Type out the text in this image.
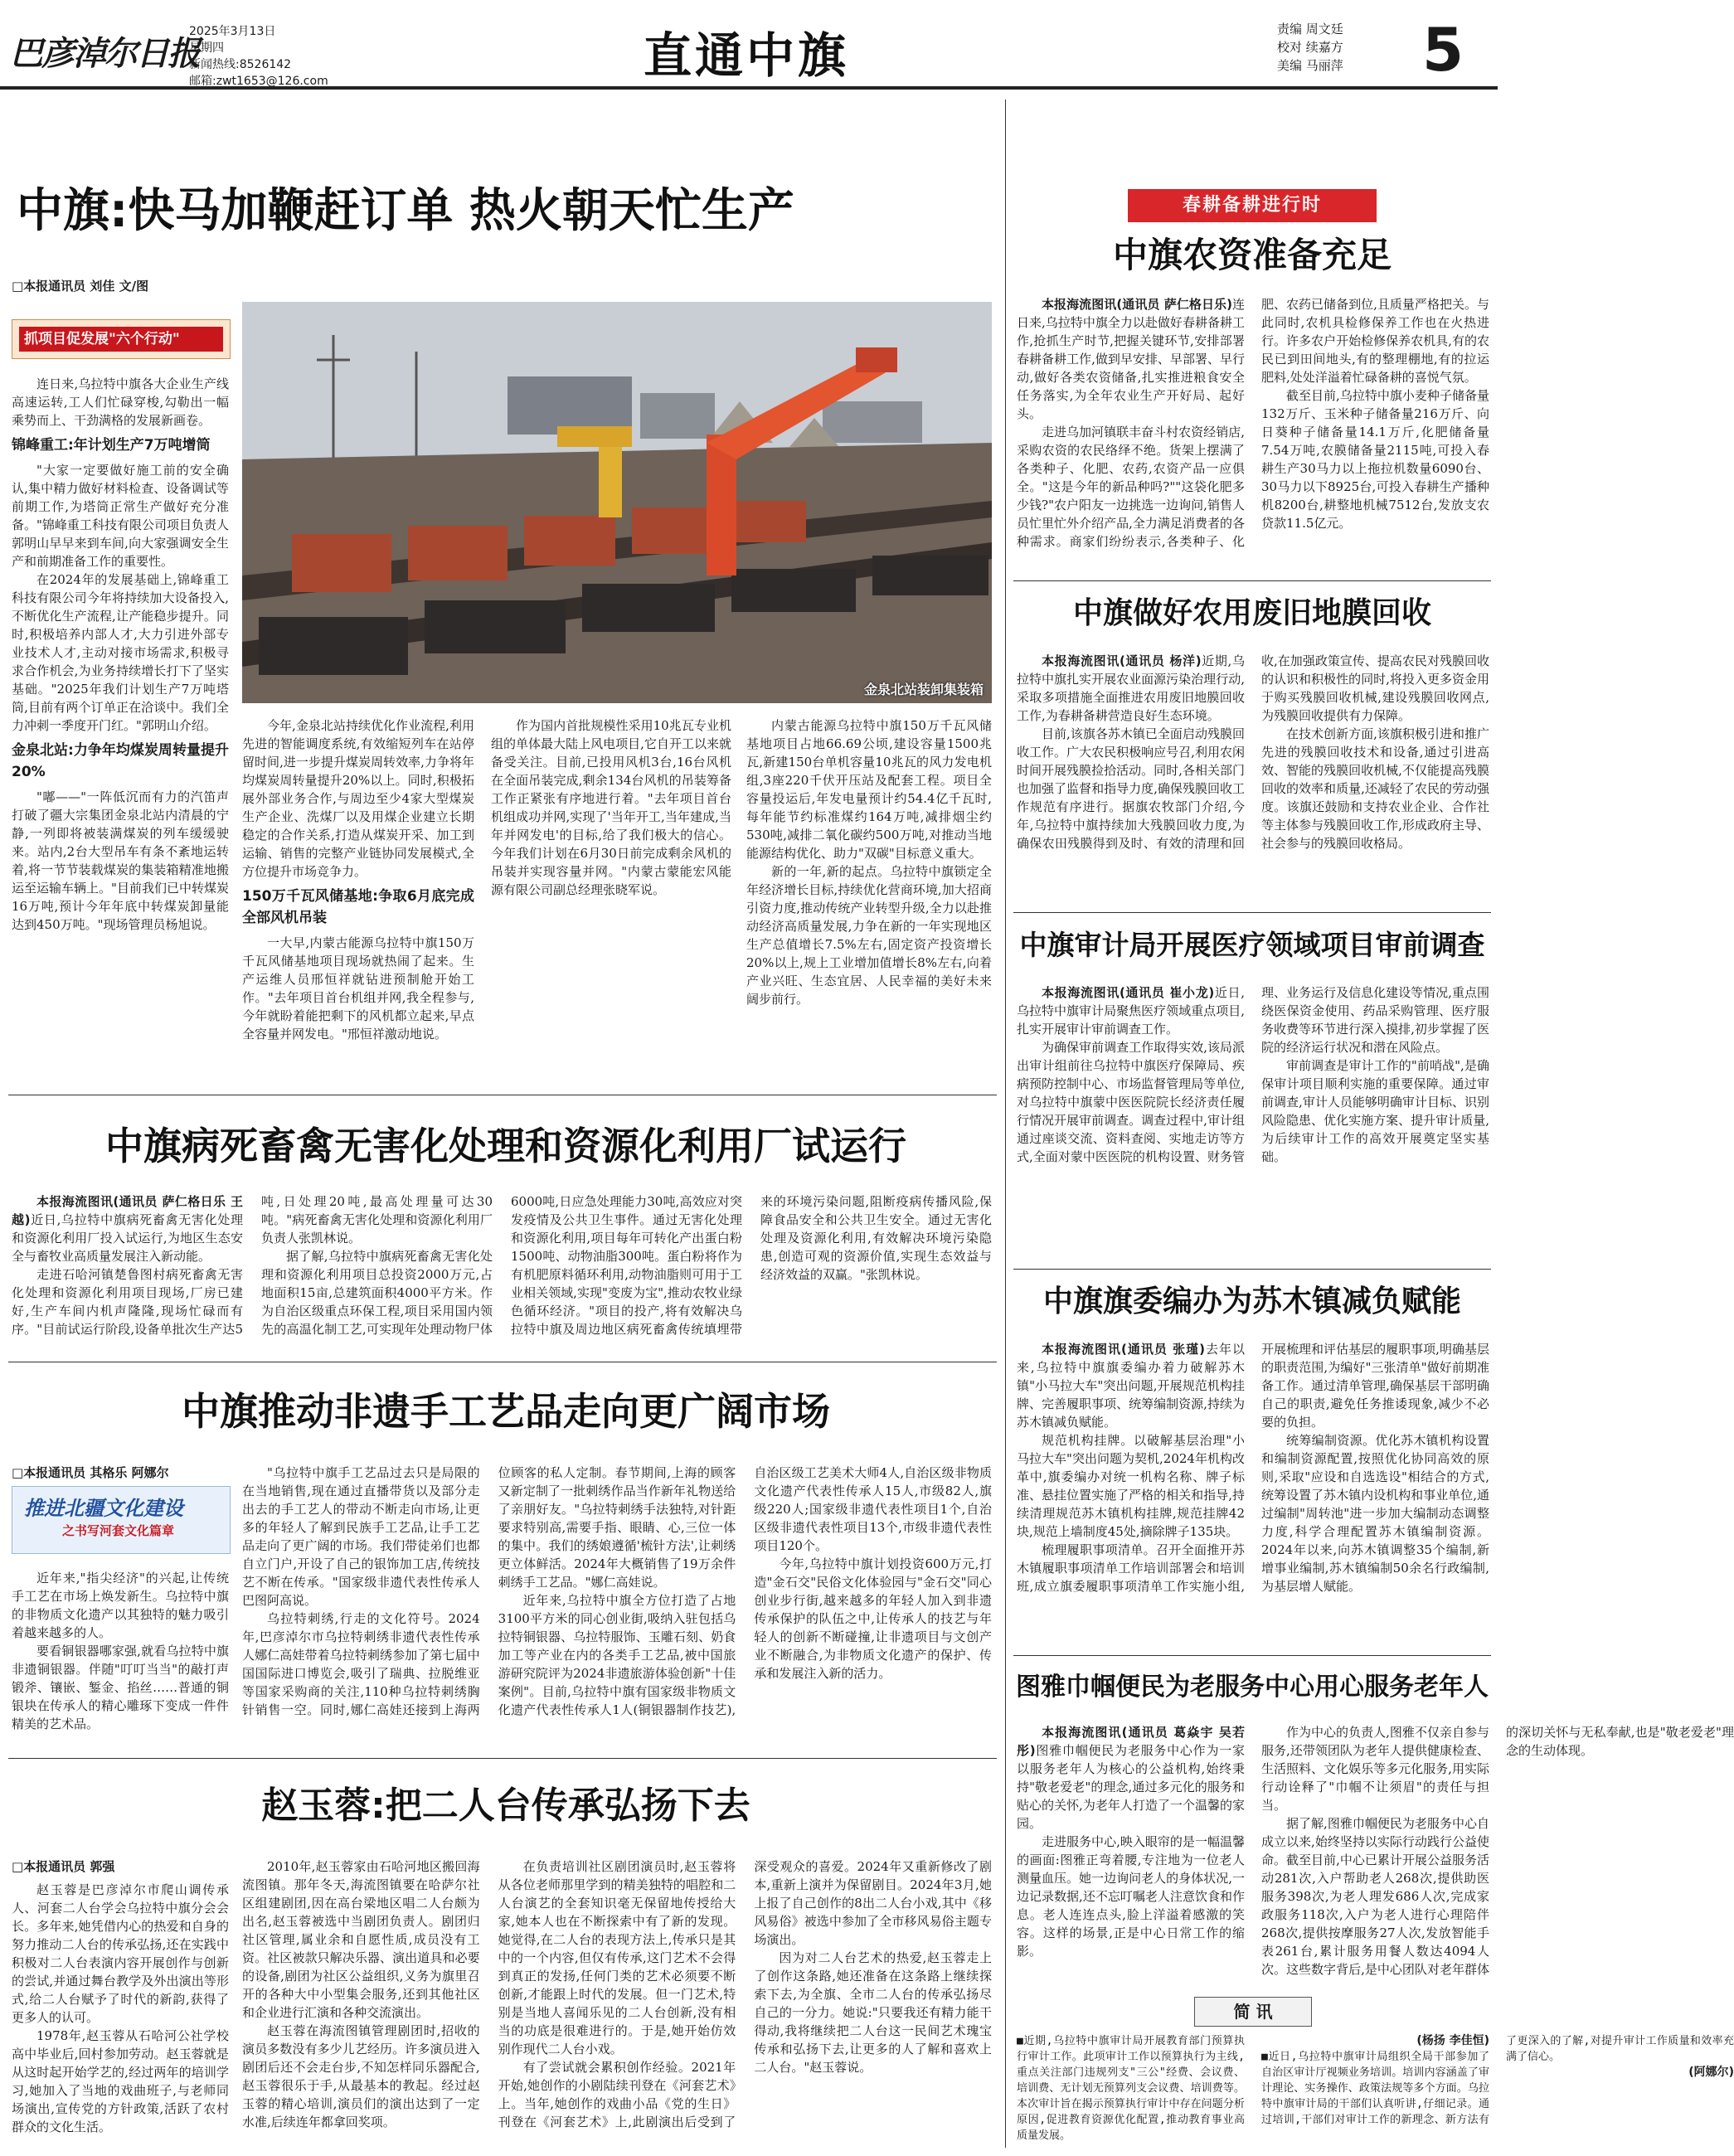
巴彦淖尔日报
2025年3月13日
星期四
新闻热线:8526142
邮箱:zwt1653@126.com	直通中旗	责编 周文廷
校对 续嘉方
美编 马丽萍 5
中旗:快马加鞭赶订单 热火朝天忙生产
□本报通讯员 刘佳 文/图
抓项目促发展"六个行动"

连日来,乌拉特中旗各大企业生产线高速运转,工人们忙碌穿梭,勾勒出一幅乘势而上、干劲满格的发展新画卷。

锦峰重工:年计划生产7万吨增筒

"大家一定要做好施工前的安全确认,集中精力做好材料检查、设备调试等前期工作,为塔筒正常生产做好充分准备。"锦峰重工科技有限公司项目负责人郭明山早早来到车间,向大家强调安全生产和前期准备工作的重要性。

在2024年的发展基础上,锦峰重工科技有限公司今年将持续加大设备投入,不断优化生产流程,让产能稳步提升。同时,积极培养内部人才,大力引进外部专业技术人才,主动对接市场需求,积极寻求合作机会,为业务持续增长打下了坚实基础。"2025年我们计划生产7万吨塔筒,目前有两个订单正在洽谈中。我们全力冲刺一季度开门红。"郭明山介绍。

金泉北站:力争年均煤炭周转量提升20%

"嘟——"一阵低沉而有力的汽笛声打破了疆大宗集团金泉北站内清晨的宁静,一列即将被装满煤炭的列车缓缓驶来。站内,2台大型吊车有条不紊地运转着,将一节节装载煤炭的集装箱精准地搬运至运输车辆上。"目前我们已中转煤炭16万吨,预计今年年底中转煤炭卸量能达到450万吨。"现场管理员杨旭说。

金泉北站装卸集装箱

今年,金泉北站持续优化作业流程,利用先进的智能调度系统,有效缩短列车在站停留时间,进一步提升煤炭周转效率,力争将年均煤炭周转量提升20%以上。同时,积极拓展外部业务合作,与周边至少4家大型煤炭生产企业、洗煤厂以及用煤企业建立长期稳定的合作关系,打造从煤炭开采、加工到运输、销售的完整产业链协同发展模式,全方位提升市场竞争力。

150万千瓦风储基地:争取6月底完成全部风机吊装

一大早,内蒙古能源乌拉特中旗150万千瓦风储基地项目现场就热闹了起来。生产运维人员邢恒祥就钻进预制舱开始工作。"去年项目首台机组并网,我全程参与,今年就盼着能把剩下的风机都立起来,早点全容量并网发电。"邢恒祥激动地说。

作为国内首批规模性采用10兆瓦专业机组的单体最大陆上风电项目,它自开工以来就备受关注。目前,已投用风机3台,16台风机在全面吊装完成,剩余134台风机的吊装筹备工作正紧张有序地进行着。"去年项目首台机组成功并网,实现了'当年开工,当年建成,当年并网发电'的目标,给了我们极大的信心。今年我们计划在6月30日前完成剩余风机的吊装并实现容量并网。"内蒙古蒙能宏风能源有限公司副总经理张晓军说。

内蒙古能源乌拉特中旗150万千瓦风储基地项目占地66.69公顷,建设容量1500兆瓦,新建150台单机容量10兆瓦的风力发电机组,3座220千伏开压站及配套工程。项目全容量投运后,年发电量预计约54.4亿千瓦时,每年能节约标准煤约164万吨,减排烟尘约530吨,减排二氧化碳约500万吨,对推动当地能源结构优化、助力"双碳"目标意义重大。

新的一年,新的起点。乌拉特中旗锁定全年经济增长目标,持续优化营商环境,加大招商引资力度,推动传统产业转型升级,全力以赴推动经济高质量发展,力争在新的一年实现地区生产总值增长7.5%左右,固定资产投资增长20%以上,规上工业增加值增长8%左右,向着产业兴旺、生态宜居、人民幸福的美好未来阔步前行。

中旗病死畜禽无害化处理和资源化利用厂试运行

本报海流图讯(通讯员 萨仁格日乐 王越)近日,乌拉特中旗病死畜禽无害化处理和资源化利用厂投入试运行,为地区生态安全与畜牧业高质量发展注入新动能。

走进石哈河镇楚鲁图村病死畜禽无害化处理和资源化利用项目现场,厂房已建好,生产车间内机声隆隆,现场忙碌而有序。"目前试运行阶段,设备单批次生产达5吨,日处理20吨,最高处理量可达30吨。"病死畜禽无害化处理和资源化利用厂负责人张凯林说。

据了解,乌拉特中旗病死畜禽无害化处理和资源化利用项目总投资2000万元,占地面积15亩,总建筑面积4000平方米。作为自治区级重点环保工程,项目采用国内领先的高温化制工艺,可实现年处理动物尸体6000吨,日应急处理能力30吨,高效应对突发疫情及公共卫生事件。通过无害化处理和资源化利用,项目每年可转化产出蛋白粉1500吨、动物油脂300吨。蛋白粉将作为有机肥原料循环利用,动物油脂则可用于工业相关领域,实现"变废为宝",推动农牧业绿色循环经济。"项目的投产,将有效解决乌拉特中旗及周边地区病死畜禽传统填埋带来的环境污染问题,阻断疫病传播风险,保障食品安全和公共卫生安全。通过无害化处理及资源化利用,有效解决环境污染隐患,创造可观的资源价值,实现生态效益与经济效益的双赢。"张凯林说。

中旗推动非遗手工艺品走向更广阔市场
□本报通讯员 其格乐 阿娜尔
推进北疆文化建设
之书写河套文化篇章

近年来,"指尖经济"的兴起,让传统手工艺在市场上焕发新生。乌拉特中旗的非物质文化遗产以其独特的魅力吸引着越来越多的人。

要看铜银器哪家强,就看乌拉特中旗非遗铜银器。伴随"叮叮当当"的敲打声锻斧、镶嵌、錾金、掐丝……普通的铜银块在传承人的精心雕琢下变成一件件精美的艺术品。

"乌拉特中旗手工艺品过去只是局限的在当地销售,现在通过直播带货以及部分走出去的手工艺人的带动不断走向市场,让更多的年轻人了解到民族手工艺品,让手工艺品走向了更广阔的市场。我们带徒弟们也都自立门户,开设了自己的银饰加工店,传统技艺不断在传承。"国家级非遗代表性传承人巴图阿高说。

乌拉特刺绣,行走的文化符号。2024年,巴彦淖尔市乌拉特刺绣非遗代表性传承人娜仁高娃带着乌拉特刺绣参加了第七届中国国际进口博览会,吸引了瑞典、拉脱维亚等国家采购商的关注,110种乌拉特刺绣胸针销售一空。同时,娜仁高娃还接到上海两位顾客的私人定制。春节期间,上海的顾客又新定制了一批刺绣作品当作新年礼物送给了亲朋好友。"乌拉特刺绣手法独特,对针距要求特别高,需要手指、眼睛、心,三位一体的集中。我们的绣娘遵循'梳针方法',让刺绣更立体鲜活。2024年大概销售了19万余件刺绣手工艺品。"娜仁高娃说。

近年来,乌拉特中旗全方位打造了占地3100平方米的同心创业街,吸纳入驻包括乌拉特铜银器、乌拉特服饰、玉雕石刻、奶食加工等产业在内的各类手工艺品,被中国旅游研究院评为2024非遗旅游体验创新"十佳案例"。目前,乌拉特中旗有国家级非物质文化遗产代表性传承人1人(铜银器制作技艺),自治区级工艺美术大师4人,自治区级非物质文化遗产代表性传承人15人,市级82人,旗级220人;国家级非遗代表性项目1个,自治区级非遗代表性项目13个,市级非遗代表性项目120个。

今年,乌拉特中旗计划投资600万元,打造"金石交"民俗文化体验园与"金石交"同心创业步行街,越来越多的年轻人加入到非遗传承保护的队伍之中,让传承人的技艺与年轻人的创新不断碰撞,让非遗项目与文创产业不断融合,为非物质文化遗产的保护、传承和发展注入新的活力。

赵玉蓉:把二人台传承弘扬下去
□本报通讯员 郭强

赵玉蓉是巴彦淖尔市爬山调传承人、河套二人台学会乌拉特中旗分会会长。多年来,她凭借内心的热爱和自身的努力推动二人台的传承弘扬,还在实践中积极对二人台表演内容开展创作与创新的尝试,并通过舞台教学及外出演出等形式,给二人台赋予了时代的新韵,获得了更多人的认可。

1978年,赵玉蓉从石哈河公社学校高中毕业后,回村参加劳动。赵玉蓉就是从这时起开始学艺的,经过两年的培训学习,她加入了当地的戏曲班子,与老师同场演出,宣传党的方针政策,活跃了农村群众的文化生活。

2010年,赵玉蓉家由石哈河地区搬回海流图镇。那年冬天,海流图镇要在哈萨尔社区组建剧团,因在高台梁地区唱二人台颇为出名,赵玉蓉被选中当剧团负责人。剧团归社区管理,属业余和自愿性质,成员没有工资。社区被款只解决乐器、演出道具和必要的设备,剧团为社区公益组织,义务为旗里召开的各种大中小型集会服务,还到其他社区和企业进行汇演和各种交流演出。

赵玉蓉在海流图镇管理剧团时,招收的演员多数没有多少儿艺经历。许多演员进入剧团后还不会走台步,不知怎样同乐器配合,赵玉蓉很乐于手,从最基本的教起。经过赵玉蓉的精心培训,演员们的演出达到了一定水准,后续连年都拿回奖项。

在负责培训社区剧团演员时,赵玉蓉将从各位老师那里学到的精美独特的唱腔和二人台演艺的全套知识毫无保留地传授给大家,她本人也在不断探索中有了新的发现。她觉得,在二人台的表现方法上,传承只是其中的一个内容,但仅有传承,这门艺术不会得到真正的发扬,任何门类的艺术必须要不断创新,才能跟上时代的发展。但一门艺术,特别是当地人喜闻乐见的二人台创新,没有相当的功底是很难进行的。于是,她开始仿效别作现代二人台小戏。

有了尝试就会累积创作经验。2021年开始,她创作的小剧陆续刊登在《河套艺术》上。当年,她创作的戏曲小品《党的生日》刊登在《河套艺术》上,此剧演出后受到了深受观众的喜爱。2024年又重新修改了剧本,重新上演并为保留剧目。2024年3月,她上报了自己创作的8出二人台小戏,其中《移风易俗》被选中参加了全市移风易俗主题专场演出。

因为对二人台艺术的热爱,赵玉蓉走上了创作这条路,她还准备在这条路上继续探索下去,为全旗、全市二人台的传承弘扬尽自己的一分力。她说:"只要我还有精力能干得动,我将继续把二人台这一民间艺术瑰宝传承和弘扬下去,让更多的人了解和喜欢上二人台。"赵玉蓉说。

春耕备耕进行时
中旗农资准备充足

本报海流图讯(通讯员 萨仁格日乐)连日来,乌拉特中旗全力以赴做好春耕备耕工作,抢抓生产时节,把握关键环节,安排部署春耕备耕工作,做到早安排、早部署、早行动,做好各类农资储备,扎实推进粮食安全任务落实,为全年农业生产开好局、起好头。

走进乌加河镇联丰奋斗村农资经销店,采购农资的农民络绎不绝。货架上摆满了各类种子、化肥、农药,农资产品一应俱全。"这是今年的新品种吗?""这袋化肥多少钱?"农户阳友一边挑选一边询问,销售人员忙里忙外介绍产品,全力满足消费者的各种需求。商家们纷纷表示,各类种子、化肥、农药已储备到位,且质量严格把关。与此同时,农机具检修保养工作也在火热进行。许多农户开始检修保养农机具,有的农民已到田间地头,有的整理棚地,有的拉运肥料,处处洋溢着忙碌备耕的喜悦气氛。

截至目前,乌拉特中旗小麦种子储备量132万斤、玉米种子储备量216万斤、向日葵种子储备量14.1万斤,化肥储备量7.54万吨,农膜储备量2115吨,可投入春耕生产30马力以上拖拉机数量6090台、30马力以下8925台,可投入春耕生产播种机8200台,耕整地机械7512台,发放支农贷款11.5亿元。

中旗做好农用废旧地膜回收

本报海流图讯(通讯员 杨洋)近期,乌拉特中旗扎实开展农业面源污染治理行动,采取多项措施全面推进农用废旧地膜回收工作,为春耕备耕营造良好生态环境。

目前,该旗各苏木镇已全面启动残膜回收工作。广大农民积极响应号召,利用农闲时间开展残膜捡拾活动。同时,各相关部门也加强了监督和指导力度,确保残膜回收工作规范有序进行。据旗农牧部门介绍,今年,乌拉特中旗持续加大残膜回收力度,为确保农田残膜得到及时、有效的清理和回收,在加强政策宣传、提高农民对残膜回收的认识和积极性的同时,将投入更多资金用于购买残膜回收机械,建设残膜回收网点,为残膜回收提供有力保障。

在技术创新方面,该旗积极引进和推广先进的残膜回收技术和设备,通过引进高效、智能的残膜回收机械,不仅能提高残膜回收的效率和质量,还减轻了农民的劳动强度。该旗还鼓励和支持农业企业、合作社等主体参与残膜回收工作,形成政府主导、社会参与的残膜回收格局。

中旗审计局开展医疗领域项目审前调查

本报海流图讯(通讯员 崔小龙)近日,乌拉特中旗审计局聚焦医疗领域重点项目,扎实开展审计审前调查工作。

为确保审前调查工作取得实效,该局派出审计组前往乌拉特中旗医疗保障局、疾病预防控制中心、市场监督管理局等单位,对乌拉特中旗蒙中医医院院长经济责任履行情况开展审前调查。调查过程中,审计组通过座谈交流、资料查阅、实地走访等方式,全面对蒙中医医院的机构设置、财务管理、业务运行及信息化建设等情况,重点围绕医保资金使用、药品采购管理、医疗服务收费等环节进行深入摸排,初步掌握了医院的经济运行状况和潜在风险点。

审前调查是审计工作的"前哨战",是确保审计项目顺利实施的重要保障。通过审前调查,审计人员能够明确审计目标、识别风险隐患、优化实施方案、提升审计质量,为后续审计工作的高效开展奠定坚实基础。

中旗旗委编办为苏木镇减负赋能

本报海流图讯(通讯员 张瑾)去年以来,乌拉特中旗旗委编办着力破解苏木镇"小马拉大车"突出问题,开展规范机构挂牌、完善履职事项、统筹编制资源,持续为苏木镇减负赋能。

规范机构挂牌。以破解基层治理"小马拉大车"突出问题为契机,2024年机构改革中,旗委编办对统一机构名称、牌子标准、悬挂位置实施了严格的相关和指导,持续清理规范苏木镇机构挂牌,规范挂牌42块,规范上墙制度45处,摘除牌子135块。

梳理履职事项清单。召开全面推开苏木镇履职事项清单工作培训部署会和培训班,成立旗委履职事项清单工作实施小组,开展梳理和评估基层的履职事项,明确基层的职责范围,为编好"三张清单"做好前期准备工作。通过清单管理,确保基层干部明确自己的职责,避免任务推诿现象,减少不必要的负担。

统筹编制资源。优化苏木镇机构设置和编制资源配置,按照优化协同高效的原则,采取"应设和自选选设"相结合的方式,统筹设置了苏木镇内设机构和事业单位,通过编制"周转池"进一步加大编制动态调整力度,科学合理配置苏木镇编制资源。2024年以来,向苏木镇调整35个编制,新增事业编制,苏木镇编制50余名行政编制,为基层增人赋能。

图雅巾帼便民为老服务中心用心服务老年人

本报海流图讯(通讯员 葛焱宇 吴若彤)图雅巾帼便民为老服务中心作为一家以服务老年人为核心的公益机构,始终秉持"敬老爱老"的理念,通过多元化的服务和贴心的关怀,为老年人打造了一个温馨的家园。

走进服务中心,映入眼帘的是一幅温馨的画面:图雅正弯着腰,专注地为一位老人测量血压。她一边询问老人的身体状况,一边记录数据,还不忘叮嘱老人注意饮食和作息。老人连连点头,脸上洋溢着感激的笑容。这样的场景,正是中心日常工作的缩影。

作为中心的负责人,图雅不仅亲自参与服务,还带领团队为老年人提供健康检查、生活照料、文化娱乐等多元化服务,用实际行动诠释了"巾帼不让须眉"的责任与担当。

据了解,图雅巾帼便民为老服务中心自成立以来,始终坚持以实际行动践行公益使命。截至目前,中心已累计开展公益服务活动281次,入户帮助老人268次,提供助医服务398次,为老人理发686人次,完成家政服务118次,入户为老人进行心理陪伴268次,提供按摩服务27人次,发放智能手表261台,累计服务用餐人数达4094人次。这些数字背后,是中心团队对老年群体的深切关怀与无私奉献,也是"敬老爱老"理念的生动体现。

简 讯
■近期,乌拉特中旗审计局开展教育部门预算执行审计工作。此项审计工作以预算执行为主线,重点关注部门违规列支"三公"经费、会议费、培训费、无计划无预算列支会议费、培训费等。本次审计旨在揭示预算执行审计中存在问题分析原因,促进教育资源优化配置,推动教育事业高质量发展。
(杨扬 李佳恒)
■近日,乌拉特中旗审计局组织全局干部参加了自治区审计厅视频业务培训。培训内容涵盖了审计理论、实务操作、政策法规等多个方面。乌拉特中旗审计局的干部们认真听讲,仔细记录。通过培训,干部们对审计工作的新理念、新方法有了更深入的了解,对提升审计工作质量和效率充满了信心。
(阿娜尔)
